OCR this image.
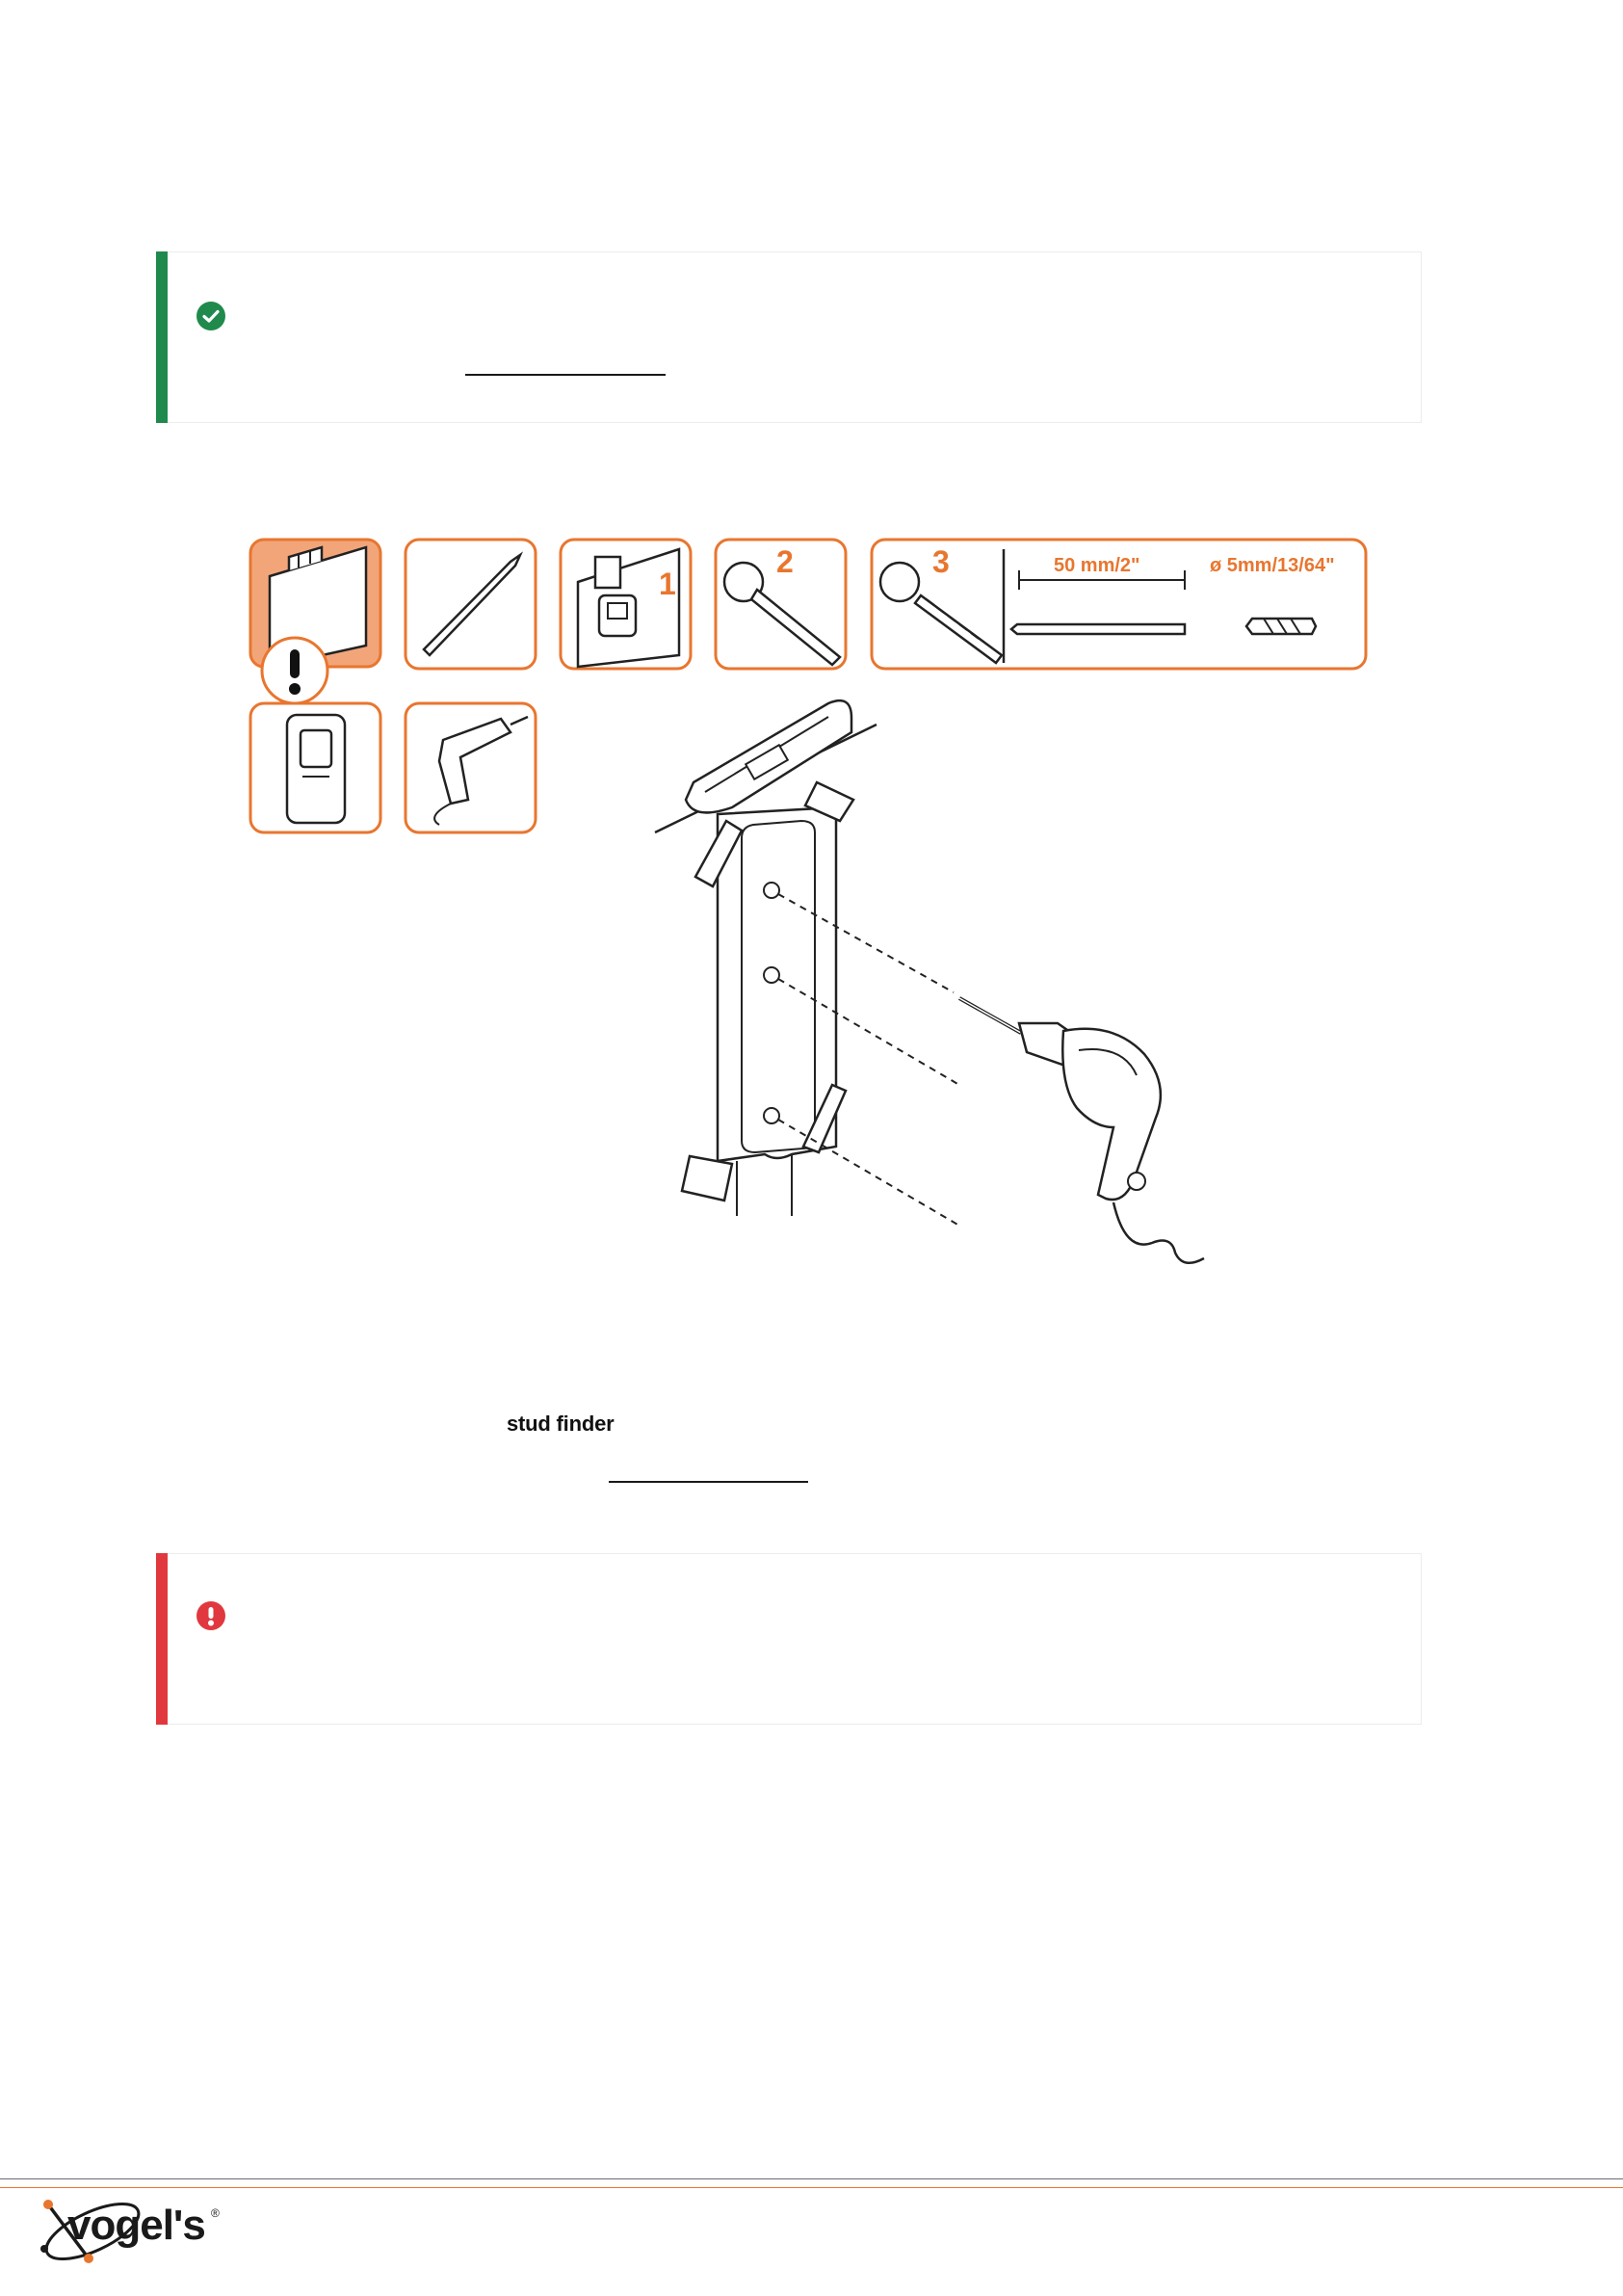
1
2	3	50 mm/2"	ø 5mm/13/64"
stud finder
vogel's ®
